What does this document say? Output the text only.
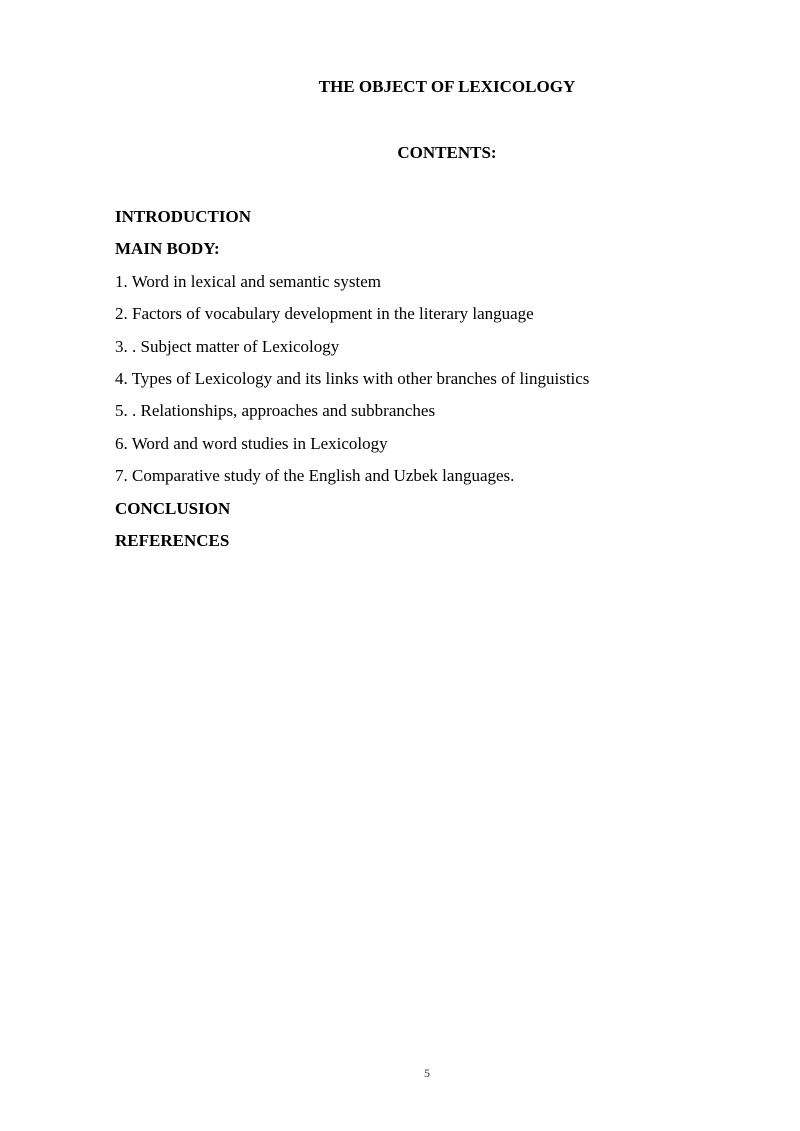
THE OBJECT OF LEXICOLOGY
CONTENTS:
INTRODUCTION
MAIN BODY:
1. Word in lexical and semantic system
2. Factors of vocabulary development in the literary language
3. . Subject matter of Lexicology
4. Types of Lexicology and its links with other branches of linguistics
5. . Relationships, approaches and subbranches
6. Word and word studies in Lexicology
7. Comparative study of the English and Uzbek languages.
CONCLUSION
REFERENCES
5
